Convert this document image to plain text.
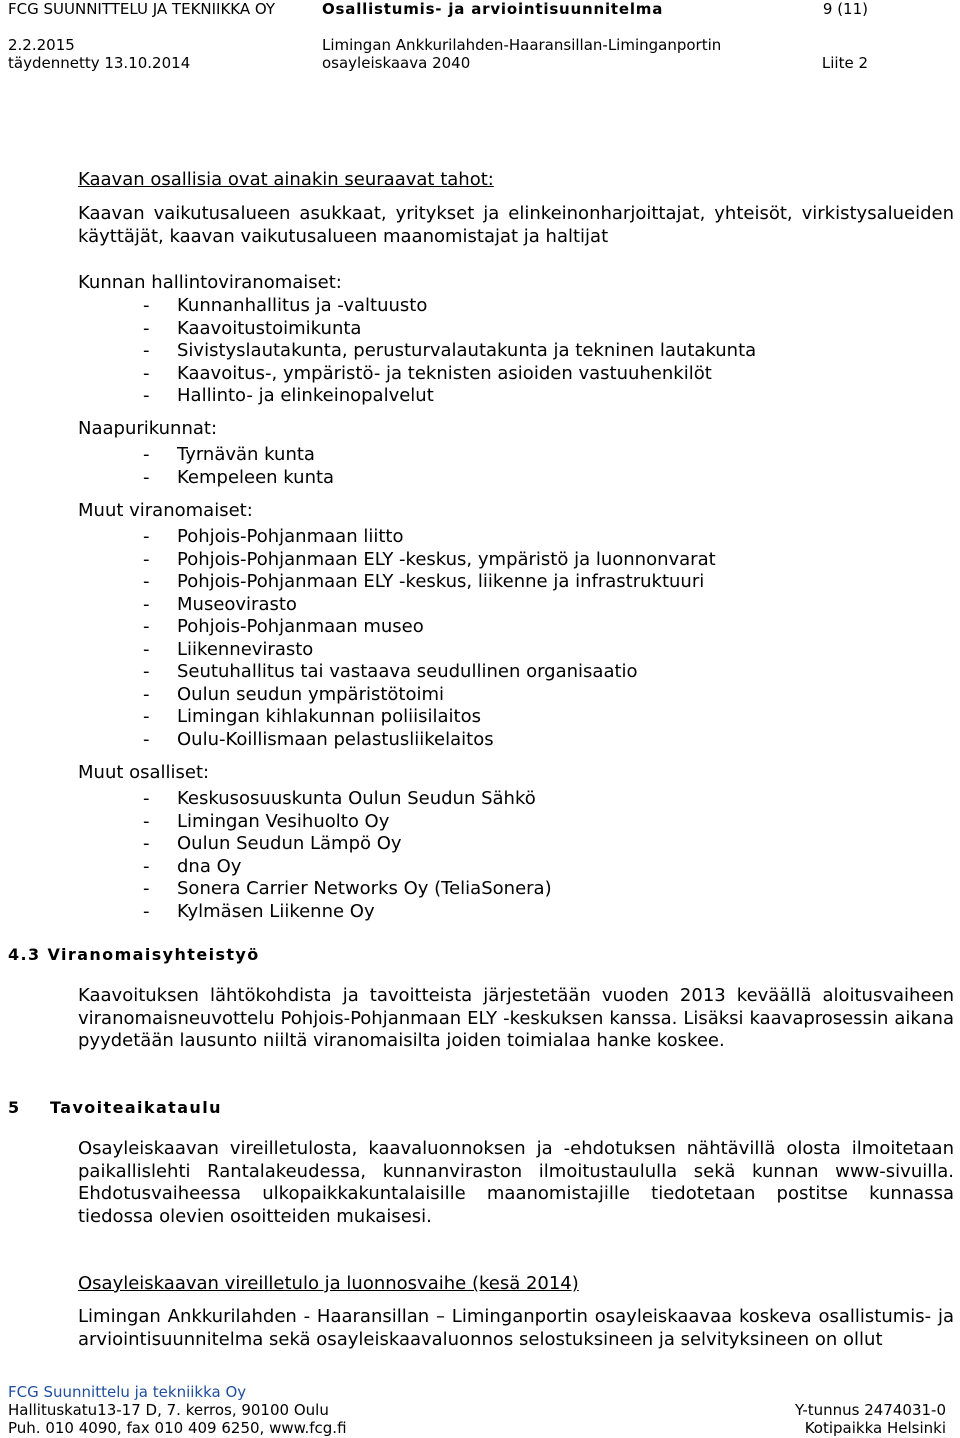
FCG SUUNNITTELU JA TEKNIIKKA OY	Osallistumis- ja arviointisuunnitelma	9 (11)
2.2.2015
täydennetty 13.10.2014
Limingan Ankkurilahden-Haaransillan-Liminganportin
osayleiskaava 2040	Liite 2
Kaavan osallisia ovat ainakin seuraavat tahot:
Kaavan vaikutusalueen asukkaat, yritykset ja elinkeinonharjoittajat, yhteisöt, virkistysalueiden käyttäjät, kaavan vaikutusalueen maanomistajat ja haltijat
Kunnan hallintoviranomaiset:
- Kunnanhallitus ja -valtuusto
- Kaavoitustoimikunta
- Sivistyslautakunta, perusturvalautakunta ja tekninen lautakunta
- Kaavoitus-, ympäristö- ja teknisten asioiden vastuuhenkilöt
- Hallinto- ja elinkeinopalvelut
Naapurikunnat:
- Tyrnävän kunta
- Kempeleen kunta
Muut viranomaiset:
- Pohjois-Pohjanmaan liitto
- Pohjois-Pohjanmaan ELY -keskus, ympäristö ja luonnonvarat
- Pohjois-Pohjanmaan ELY -keskus, liikenne ja infrastruktuuri
- Museovirasto
- Pohjois-Pohjanmaan museo
- Liikennevirasto
- Seutuhallitus tai vastaava seudullinen organisaatio
- Oulun seudun ympäristötoimi
- Limingan kihlakunnan poliisilaitos
- Oulu-Koillismaan pelastusliikelaitos
Muut osalliset:
- Keskusosuuskunta Oulun Seudun Sähkö
- Limingan Vesihuolto Oy
- Oulun Seudun Lämpö Oy
- dna Oy
- Sonera Carrier Networks Oy (TeliaSonera)
- Kylmäsen Liikenne Oy
4.3 Viranomaisyhteistyö
Kaavoituksen lähtökohdista ja tavoitteista järjestetään vuoden 2013 keväällä aloitusvaiheen viranomaisneuvottelu Pohjois-Pohjanmaan ELY -keskuksen kanssa. Lisäksi kaavaprosessin aikana pyydetään lausunto niiltä viranomaisilta joiden toimialaa hanke koskee.
5 Tavoiteaikataulu
Osayleiskaavan vireilletulosta, kaavaluonnoksen ja -ehdotuksen nähtävillä olosta ilmoitetaan paikallislehti Rantalakeudessa, kunnanviraston ilmoitustaululla sekä kunnan www-sivuilla. Ehdotusvaiheessa ulkopaikkakuntalaisille maanomistajille tiedotetaan postitse kunnassa tiedossa olevien osoitteiden mukaisesi.
Osayleiskaavan vireilletulo ja luonnosvaihe (kesä 2014)
Limingan Ankkurilahden - Haaransillan – Liminganportin osayleiskaavaa koskeva osallistumis- ja arviointisuunnitelma sekä osayleiskaavaluonnos selostuksineen ja selvityksineen on ollut
FCG Suunnittelu ja tekniikka Oy
Hallituskatu13-17 D, 7. kerros, 90100 Oulu
Puh. 010 4090, fax 010 409 6250, www.fcg.fi
Y-tunnus 2474031-0
Kotipaikka Helsinki
